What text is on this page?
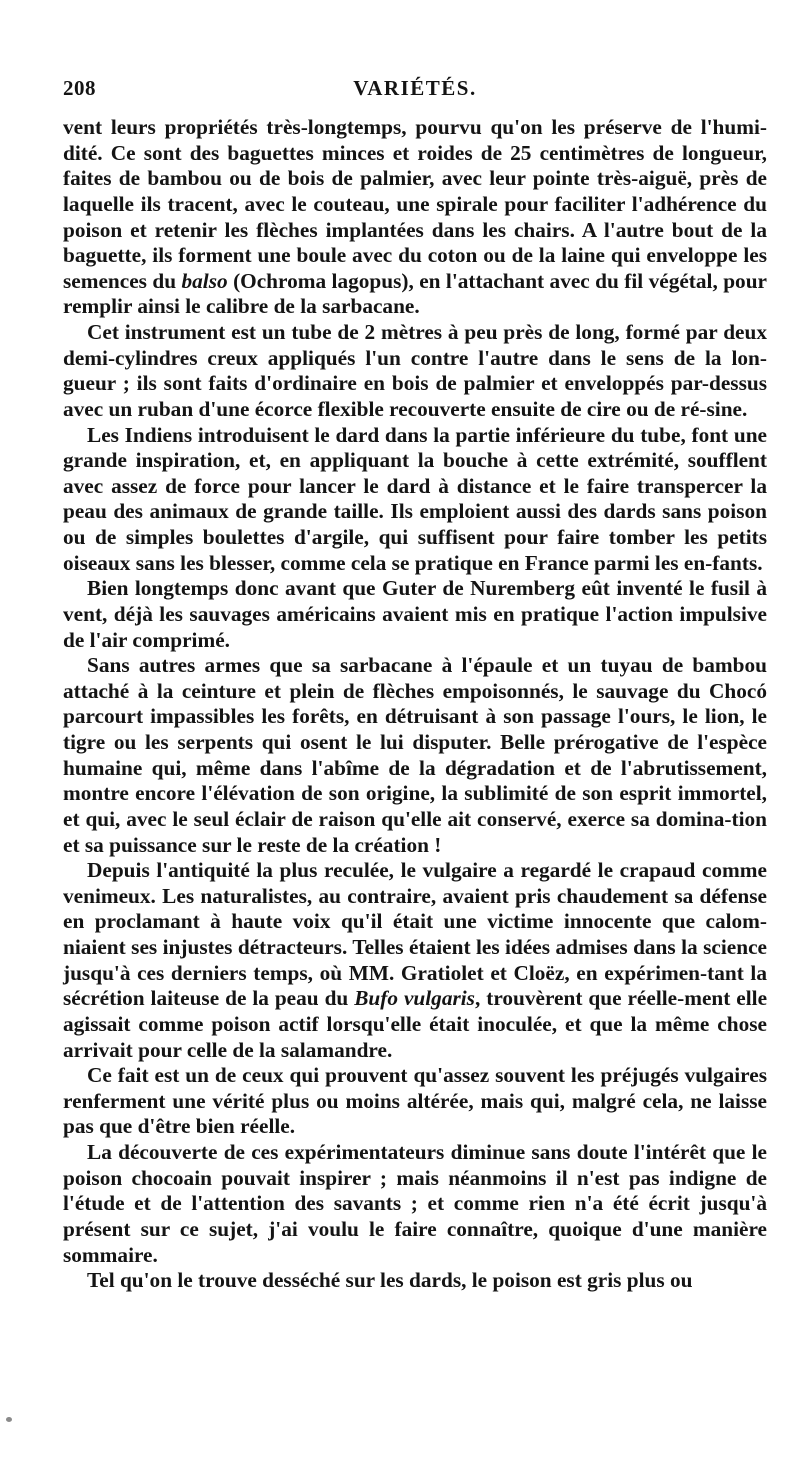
208	VARIÉTÉS.

vent leurs propriétés très-longtemps, pourvu qu'on les préserve de l'humi-dité. Ce sont des baguettes minces et roides de 25 centimètres de longueur, faites de bambou ou de bois de palmier, avec leur pointe très-aiguë, près de laquelle ils tracent, avec le couteau, une spirale pour faciliter l'adhérence du poison et retenir les flèches implantées dans les chairs. A l'autre bout de la baguette, ils forment une boule avec du coton ou de la laine qui enveloppe les semences du balso (Ochroma lagopus), en l'attachant avec du fil végétal, pour remplir ainsi le calibre de la sarbacane.

Cet instrument est un tube de 2 mètres à peu près de long, formé par deux demi-cylindres creux appliqués l'un contre l'autre dans le sens de la lon-gueur ; ils sont faits d'ordinaire en bois de palmier et enveloppés par-dessus avec un ruban d'une écorce flexible recouverte ensuite de cire ou de ré-sine.

Les Indiens introduisent le dard dans la partie inférieure du tube, font une grande inspiration, et, en appliquant la bouche à cette extrémité, soufflent avec assez de force pour lancer le dard à distance et le faire transpercer la peau des animaux de grande taille. Ils emploient aussi des dards sans poison ou de simples boulettes d'argile, qui suffisent pour faire tomber les petits oiseaux sans les blesser, comme cela se pratique en France parmi les en-fants.

Bien longtemps donc avant que Guter de Nuremberg eût inventé le fusil à vent, déjà les sauvages américains avaient mis en pratique l'action impulsive de l'air comprimé.

Sans autres armes que sa sarbacane à l'épaule et un tuyau de bambou attaché à la ceinture et plein de flèches empoisonnés, le sauvage du Chocó parcourt impassibles les forêts, en détruisant à son passage l'ours, le lion, le tigre ou les serpents qui osent le lui disputer. Belle prérogative de l'espèce humaine qui, même dans l'abîme de la dégradation et de l'abrutissement, montre encore l'élévation de son origine, la sublimité de son esprit immortel, et qui, avec le seul éclair de raison qu'elle ait conservé, exerce sa domina-tion et sa puissance sur le reste de la création !

Depuis l'antiquité la plus reculée, le vulgaire a regardé le crapaud comme venimeux. Les naturalistes, au contraire, avaient pris chaudement sa défense en proclamant à haute voix qu'il était une victime innocente que calom-niaient ses injustes détracteurs. Telles étaient les idées admises dans la science jusqu'à ces derniers temps, où MM. Gratiolet et Cloëz, en expérimen-tant la sécrétion laiteuse de la peau du Bufo vulgaris, trouvèrent que réelle-ment elle agissait comme poison actif lorsqu'elle était inoculée, et que la même chose arrivait pour celle de la salamandre.

Ce fait est un de ceux qui prouvent qu'assez souvent les préjugés vulgaires renferment une vérité plus ou moins altérée, mais qui, malgré cela, ne laisse pas que d'être bien réelle.

La découverte de ces expérimentateurs diminue sans doute l'intérêt que le poison chocoain pouvait inspirer ; mais néanmoins il n'est pas indigne de l'étude et de l'attention des savants ; et comme rien n'a été écrit jusqu'à présent sur ce sujet, j'ai voulu le faire connaître, quoique d'une manière sommaire.

Tel qu'on le trouve desséché sur les dards, le poison est gris plus ou
